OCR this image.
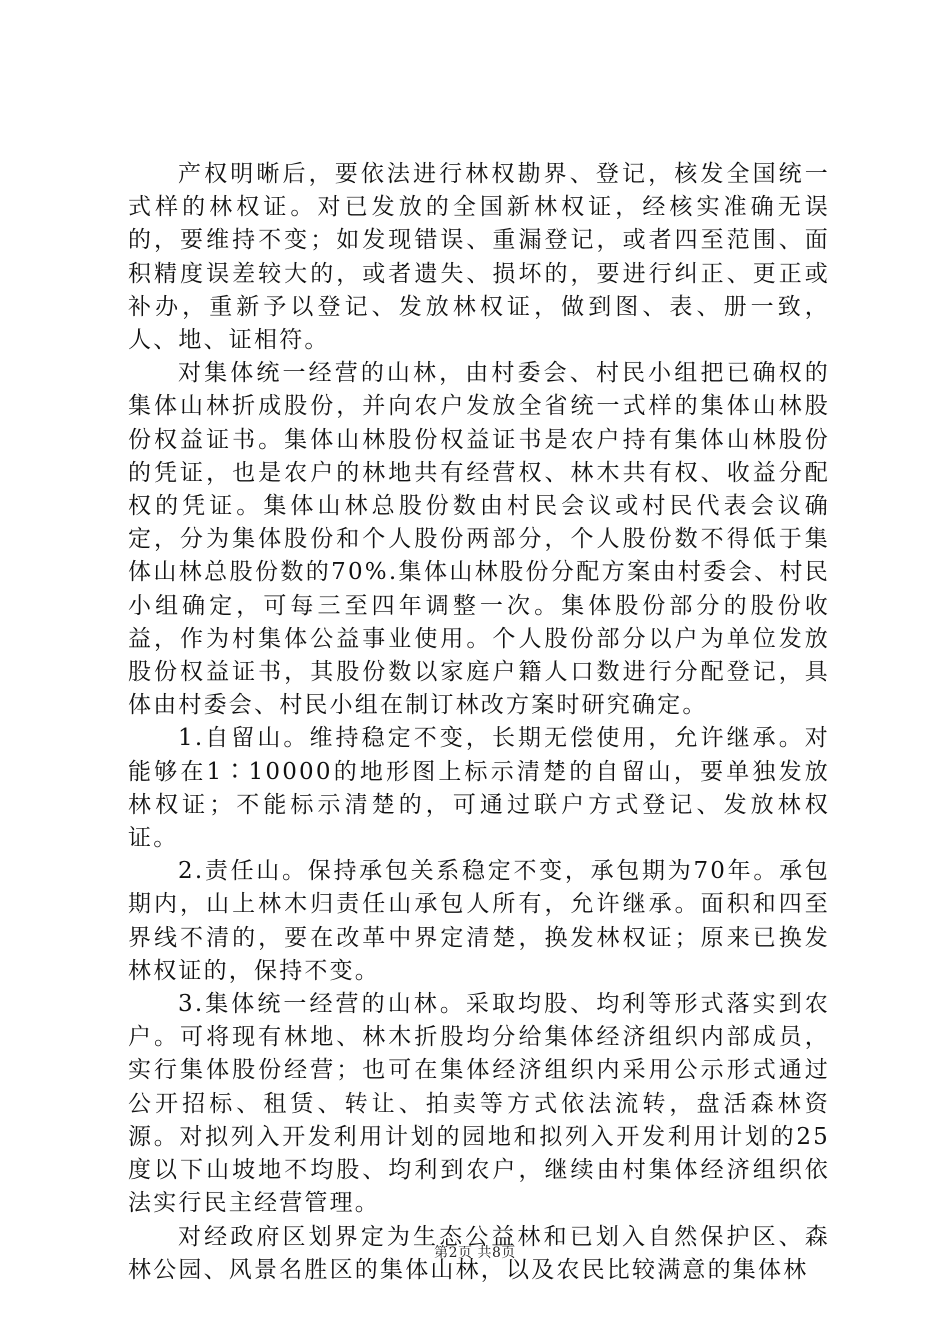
产权明晰后，要依法进行林权勘界、登记，核发全国统一式样的林权证。对已发放的全国新林权证，经核实准确无误的，要维持不变；如发现错误、重漏登记，或者四至范围、面积精度误差较大的，或者遗失、损坏的，要进行纠正、更正或补办，重新予以登记、发放林权证，做到图、表、册一致，人、地、证相符。

对集体统一经营的山林，由村委会、村民小组把已确权的集体山林折成股份，并向农户发放全省统一式样的集体山林股份权益证书。集体山林股份权益证书是农户持有集体山林股份的凭证，也是农户的林地共有经营权、林木共有权、收益分配权的凭证。集体山林总股份数由村民会议或村民代表会议确定，分为集体股份和个人股份两部分，个人股份数不得低于集体山林总股份数的70%.集体山林股份分配方案由村委会、村民小组确定，可每三至四年调整一次。集体股份部分的股份收益，作为村集体公益事业使用。个人股份部分以户为单位发放股份权益证书，其股份数以家庭户籍人口数进行分配登记，具体由村委会、村民小组在制订林改方案时研究确定。

1.自留山。维持稳定不变，长期无偿使用，允许继承。对能够在1∶10000的地形图上标示清楚的自留山，要单独发放林权证；不能标示清楚的，可通过联户方式登记、发放林权证。

2.责任山。保持承包关系稳定不变，承包期为70年。承包期内，山上林木归责任山承包人所有，允许继承。面积和四至界线不清的，要在改革中界定清楚，换发林权证；原来已换发林权证的，保持不变。

3.集体统一经营的山林。采取均股、均利等形式落实到农户。可将现有林地、林木折股均分给集体经济组织内部成员，实行集体股份经营；也可在集体经济组织内采用公示形式通过公开招标、租赁、转让、拍卖等方式依法流转，盘活森林资源。对拟列入开发利用计划的园地和拟列入开发利用计划的25度以下山坡地不均股、均利到农户，继续由村集体经济组织依法实行民主经营管理。

对经政府区划界定为生态公益林和已划入自然保护区、森林公园、风景名胜区的集体山林，以及农民比较满意的集体林

第2页 共8页
